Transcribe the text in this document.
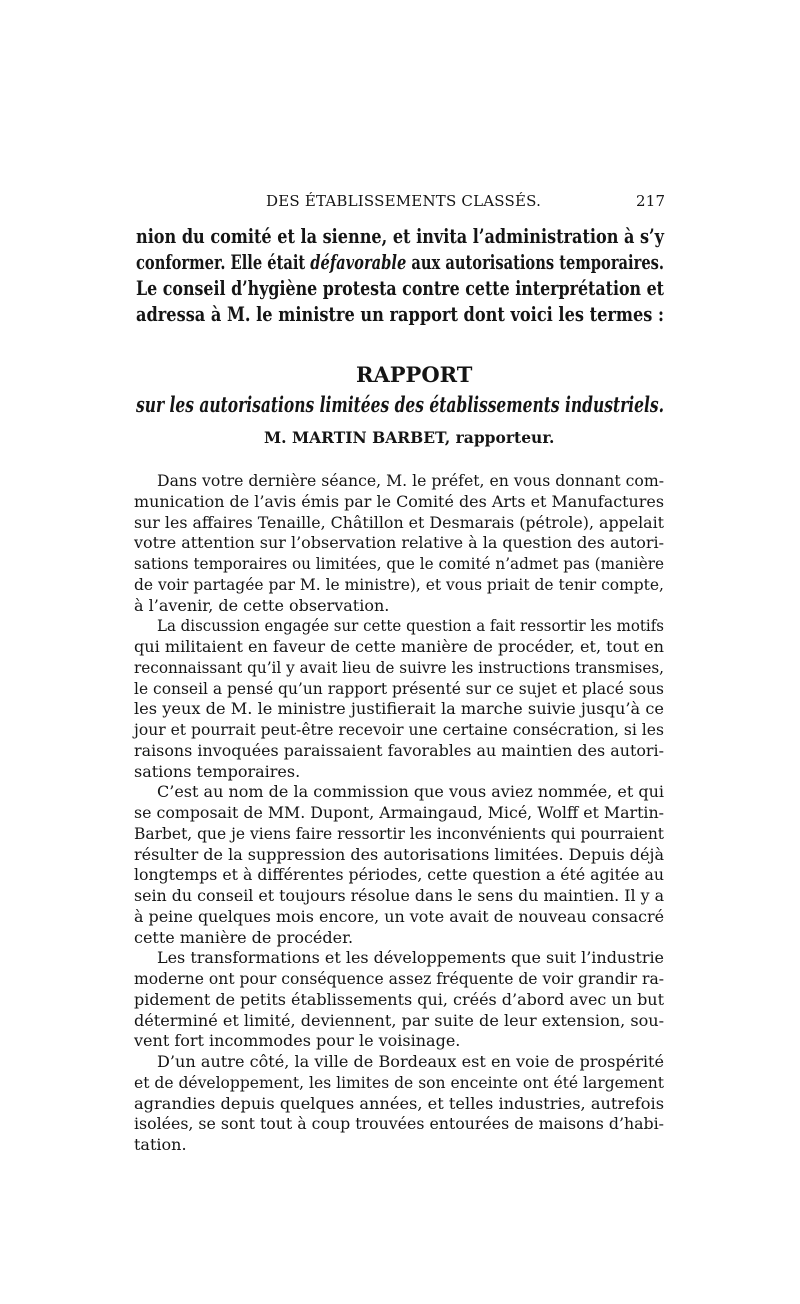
DES ÉTABLISSEMENTS CLASSÉS.	217
nion du comité et la sienne, et invita l’administration à s’y
conformer. Elle était défavorable aux autorisations temporaires.
Le conseil d’hygiène protesta contre cette interprétation et
adressa à M. le ministre un rapport dont voici les termes :
RAPPORT
sur les autorisations limitées des établissements industriels.
M. MARTIN BARBET, rapporteur.
Dans votre dernière séance, M. le préfet, en vous donnant com-
munication de l’avis émis par le Comité des Arts et Manufactures
sur les affaires Tenaille, Châtillon et Desmarais (pétrole), appelait
votre attention sur l’observation relative à la question des autori-
sations temporaires ou limitées, que le comité n’admet pas (manière
de voir partagée par M. le ministre), et vous priait de tenir compte,
à l’avenir, de cette observation.
La discussion engagée sur cette question a fait ressortir les motifs
qui militaient en faveur de cette manière de procéder, et, tout en
reconnaissant qu’il y avait lieu de suivre les instructions transmises,
le conseil a pensé qu’un rapport présenté sur ce sujet et placé sous
les yeux de M. le ministre justifierait la marche suivie jusqu’à ce
jour et pourrait peut-être recevoir une certaine consécration, si les
raisons invoquées paraissaient favorables au maintien des autori-
sations temporaires.
C’est au nom de la commission que vous aviez nommée, et qui
se composait de MM. Dupont, Armaingaud, Micé, Wolff et Martin-
Barbet, que je viens faire ressortir les inconvénients qui pourraient
résulter de la suppression des autorisations limitées. Depuis déjà
longtemps et à différentes périodes, cette question a été agitée au
sein du conseil et toujours résolue dans le sens du maintien. Il y a
à peine quelques mois encore, un vote avait de nouveau consacré
cette manière de procéder.
Les transformations et les développements que suit l’industrie
moderne ont pour conséquence assez fréquente de voir grandir ra-
pidement de petits établissements qui, créés d’abord avec un but
déterminé et limité, deviennent, par suite de leur extension, sou-
vent fort incommodes pour le voisinage.
D’un autre côté, la ville de Bordeaux est en voie de prospérité
et de développement, les limites de son enceinte ont été largement
agrandies depuis quelques années, et telles industries, autrefois
isolées, se sont tout à coup trouvées entourées de maisons d’habi-
tation.
